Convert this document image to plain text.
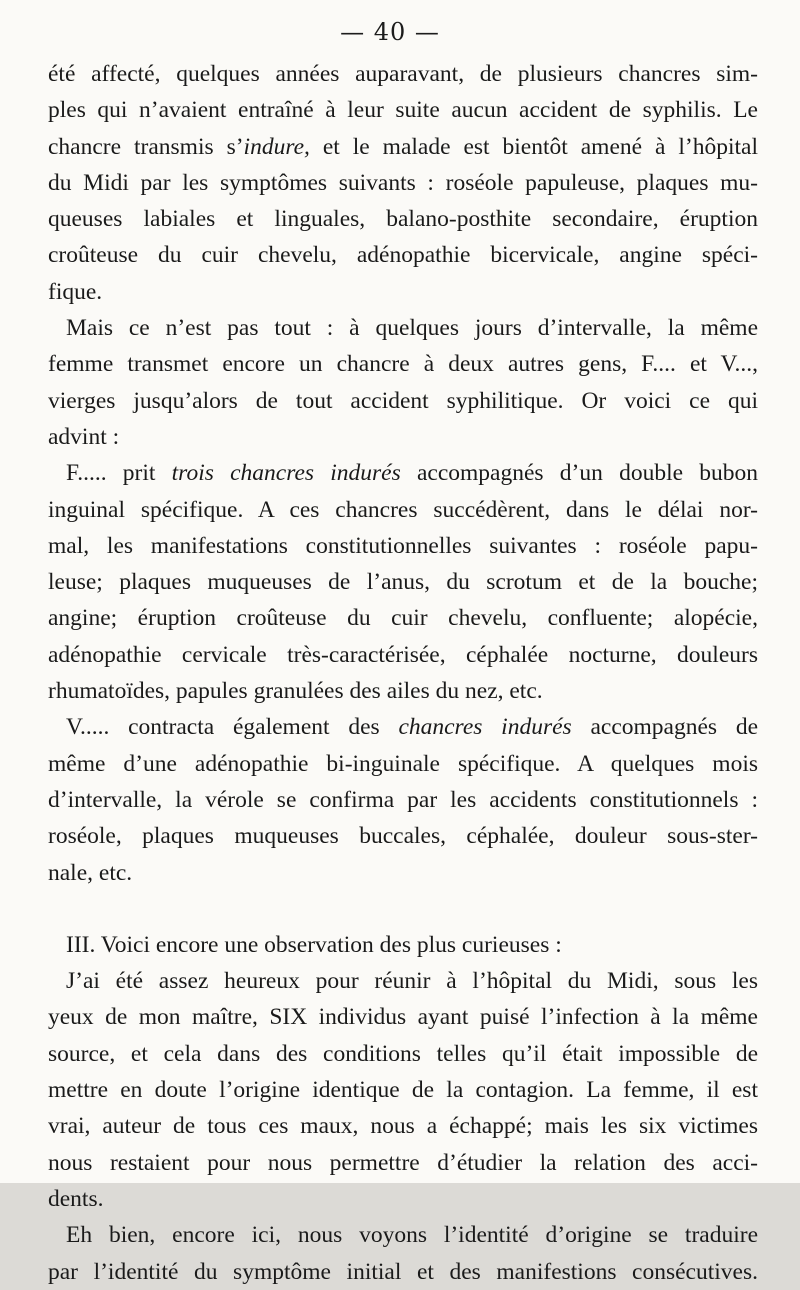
— 40 —

été affecté, quelques années auparavant, de plusieurs chancres sim-
ples qui n’avaient entraîné à leur suite aucun accident de syphilis. Le
chancre transmis s’indure, et le malade est bientôt amené à l’hôpital
du Midi par les symptômes suivants : roséole papuleuse, plaques mu-
queuses labiales et linguales, balano-posthite secondaire, éruption
croûteuse du cuir chevelu, adénopathie bicervicale, angine spéci-
fique.

Mais ce n’est pas tout : à quelques jours d’intervalle, la même
femme transmet encore un chancre à deux autres gens, F.... et V...,
vierges jusqu’alors de tout accident syphilitique. Or voici ce qui
advint :

F..... prit trois chancres indurés accompagnés d’un double bubon
inguinal spécifique. A ces chancres succédèrent, dans le délai nor-
mal, les manifestations constitutionnelles suivantes : roséole papu-
leuse; plaques muqueuses de l’anus, du scrotum et de la bouche;
angine; éruption croûteuse du cuir chevelu, confluente; alopécie,
adénopathie cervicale très-caractérisée, céphalée nocturne, douleurs
rhumatoïdes, papules granulées des ailes du nez, etc.

V..... contracta également des chancres indurés accompagnés de
même d’une adénopathie bi-inguinale spécifique. A quelques mois
d’intervalle, la vérole se confirma par les accidents constitutionnels :
roséole, plaques muqueuses buccales, céphalée, douleur sous-ster-
nale, etc.

III. Voici encore une observation des plus curieuses :

J’ai été assez heureux pour réunir à l’hôpital du Midi, sous les
yeux de mon maître, SIX individus ayant puisé l’infection à la même
source, et cela dans des conditions telles qu’il était impossible de
mettre en doute l’origine identique de la contagion. La femme, il est
vrai, auteur de tous ces maux, nous a échappé; mais les six victimes
nous restaient pour nous permettre d’étudier la relation des acci-
dents.

Eh bien, encore ici, nous voyons l’identité d’origine se traduire
par l’identité du symptôme initial et des manifestions consécutives.
